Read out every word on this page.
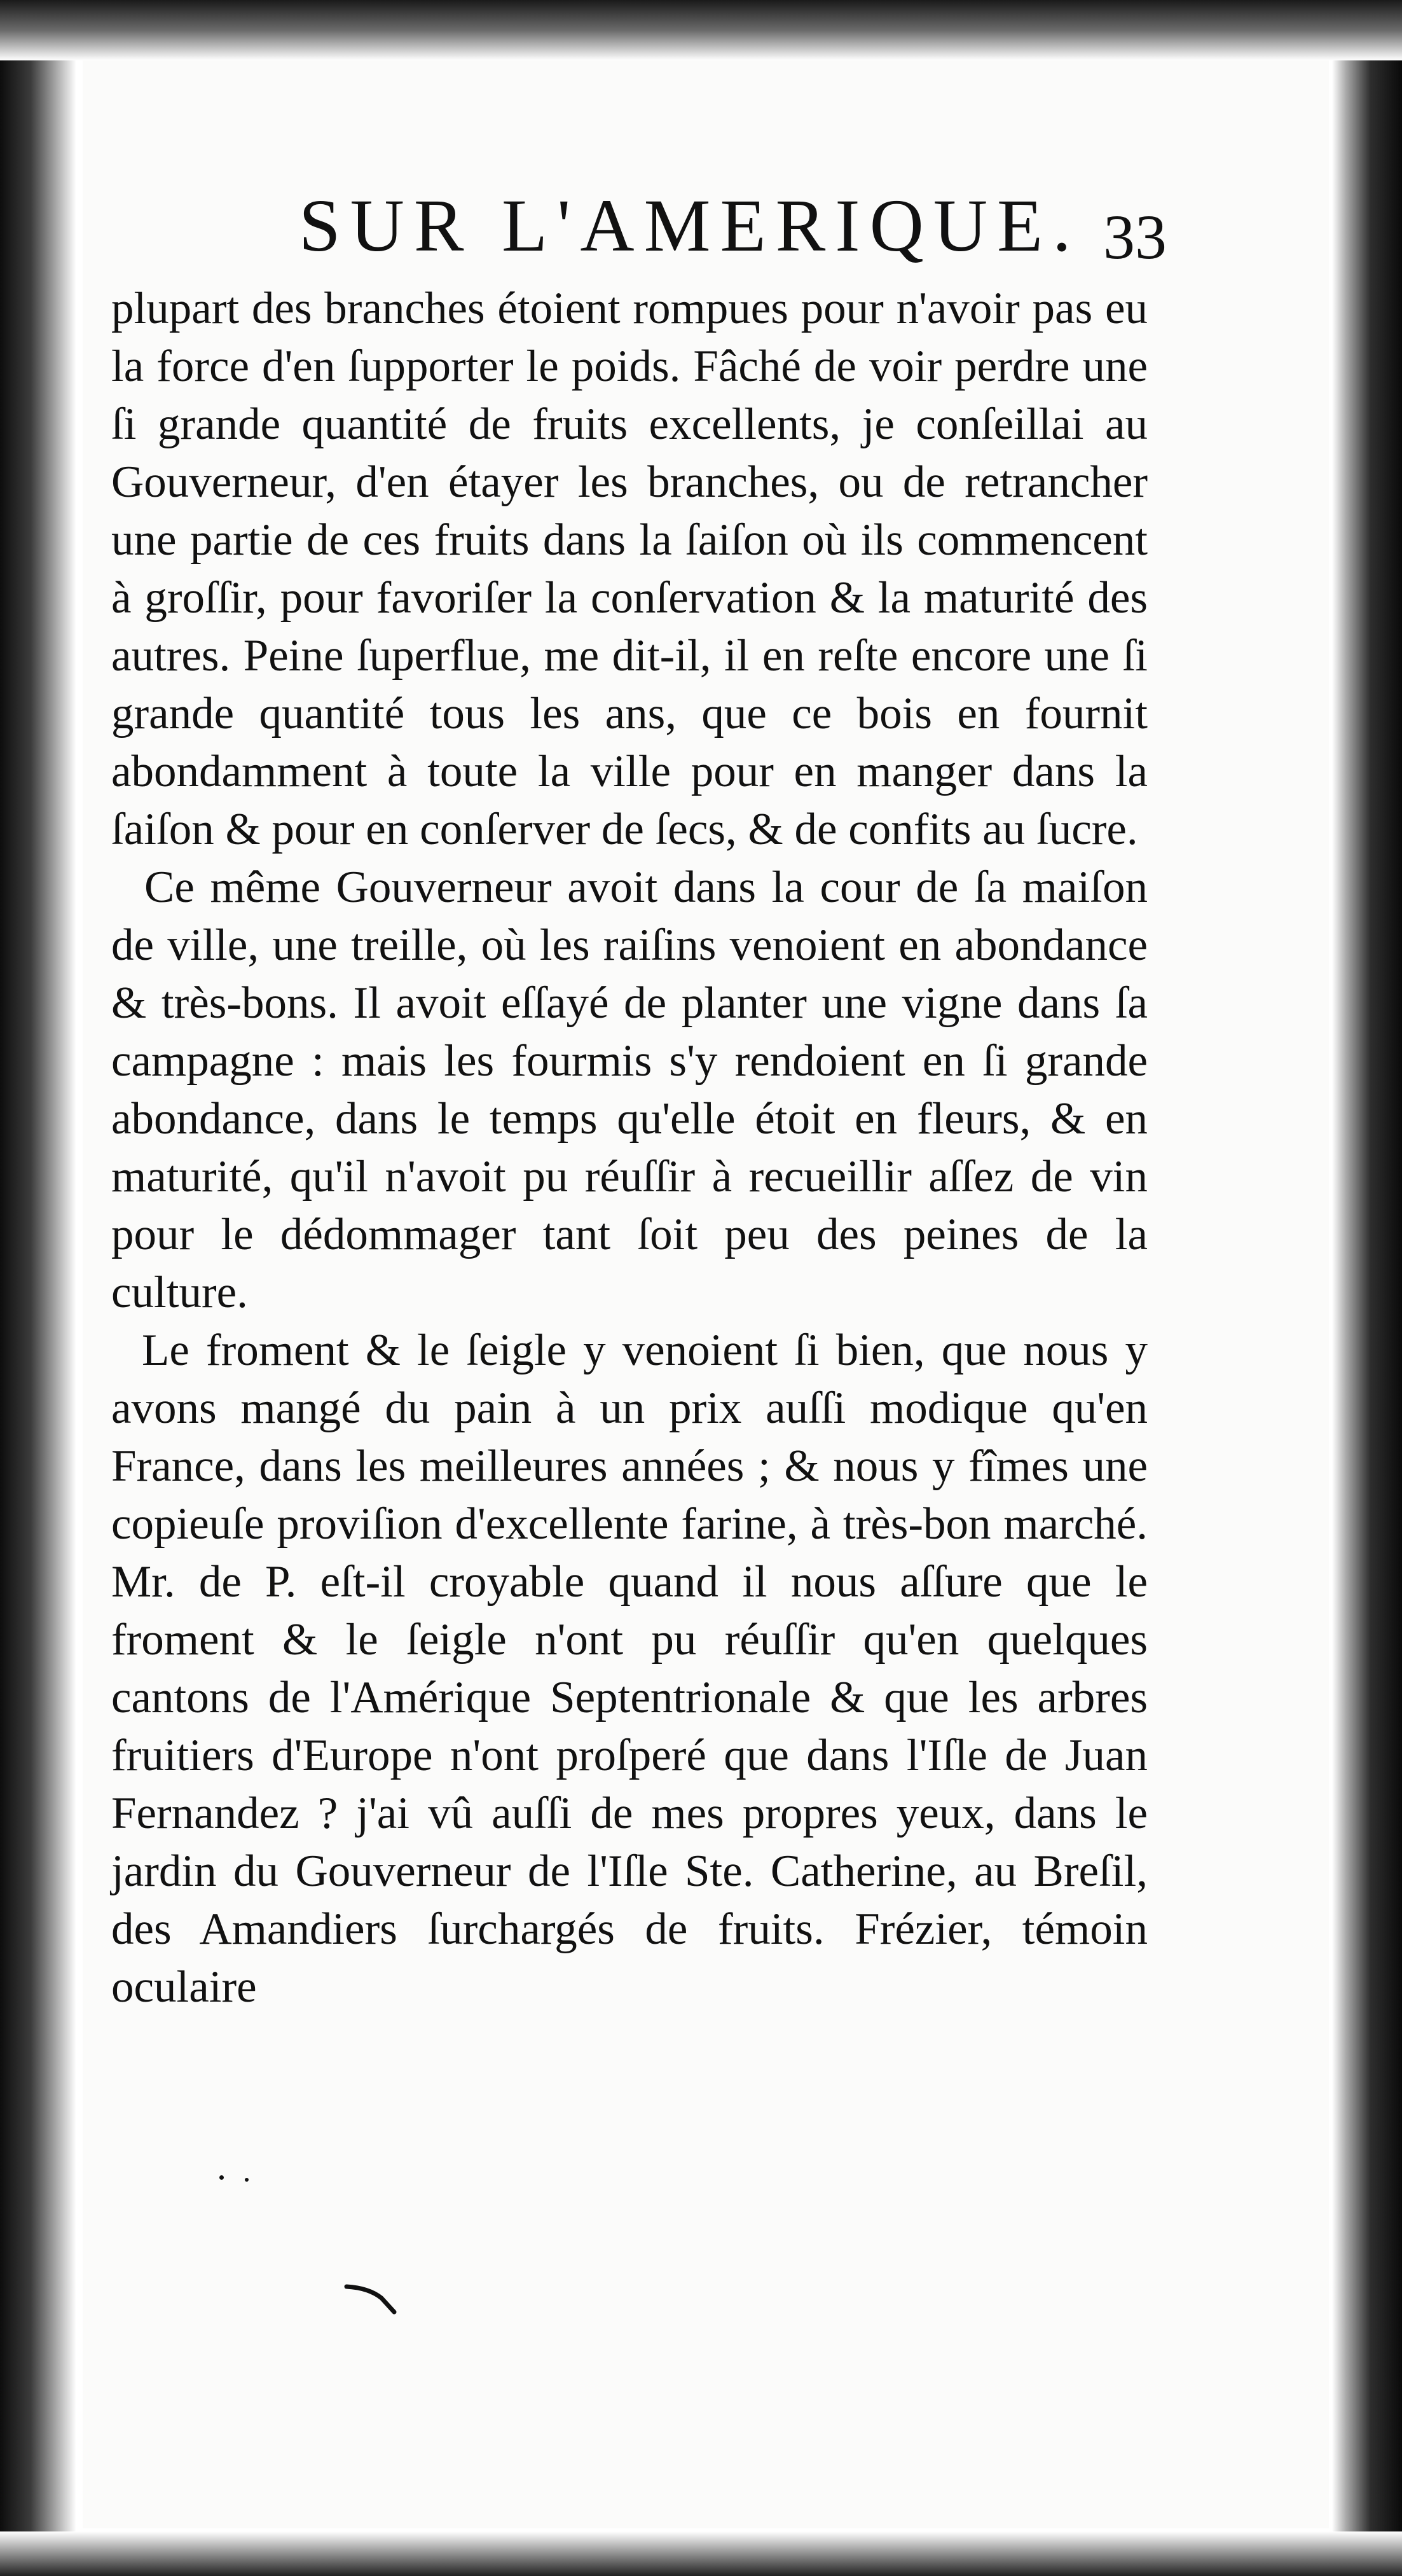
SUR L'AMERIQUE. 33

plupart des branches étoient rompues pour n'avoir pas eu la force d'en ſupporter le poids. Fâché de voir perdre une ſi grande quantité de fruits excellents, je conſeillai au Gouverneur, d'en étayer les branches, ou de retrancher une partie de ces fruits dans la ſaiſon où ils commencent à groſſir, pour favoriſer la conſervation & la maturité des autres. Peine ſuperflue, me dit-il, il en reſte encore une ſi grande quantité tous les ans, que ce bois en fournit abondamment à toute la ville pour en manger dans la ſaiſon & pour en conſerver de ſecs, & de confits au ſucre.

Ce même Gouverneur avoit dans la cour de ſa maiſon de ville, une treille, où les raiſins venoient en abondance & très-bons. Il avoit eſſayé de planter une vigne dans ſa campagne : mais les fourmis s'y rendoient en ſi grande abondance, dans le temps qu'elle étoit en fleurs, & en maturité, qu'il n'avoit pu réuſſir à recueillir aſſez de vin pour le dédommager tant ſoit peu des peines de la culture.

Le froment & le ſeigle y venoient ſi bien, que nous y avons mangé du pain à un prix auſſi modique qu'en France, dans les meilleures années ; & nous y fîmes une copieuſe proviſion d'excellente farine, à très-bon marché. Mr. de P. eſt-il croyable quand il nous aſſure que le froment & le ſeigle n'ont pu réuſſir qu'en quelques cantons de l'Amérique Septentrionale & que les arbres fruitiers d'Europe n'ont proſperé que dans l'Iſle de Juan Fernandez ? j'ai vû auſſi de mes propres yeux, dans le jardin du Gouverneur de l'Iſle Ste. Catherine, au Breſil, des Amandiers ſurchargés de fruits. Frézier, témoin oculaire
